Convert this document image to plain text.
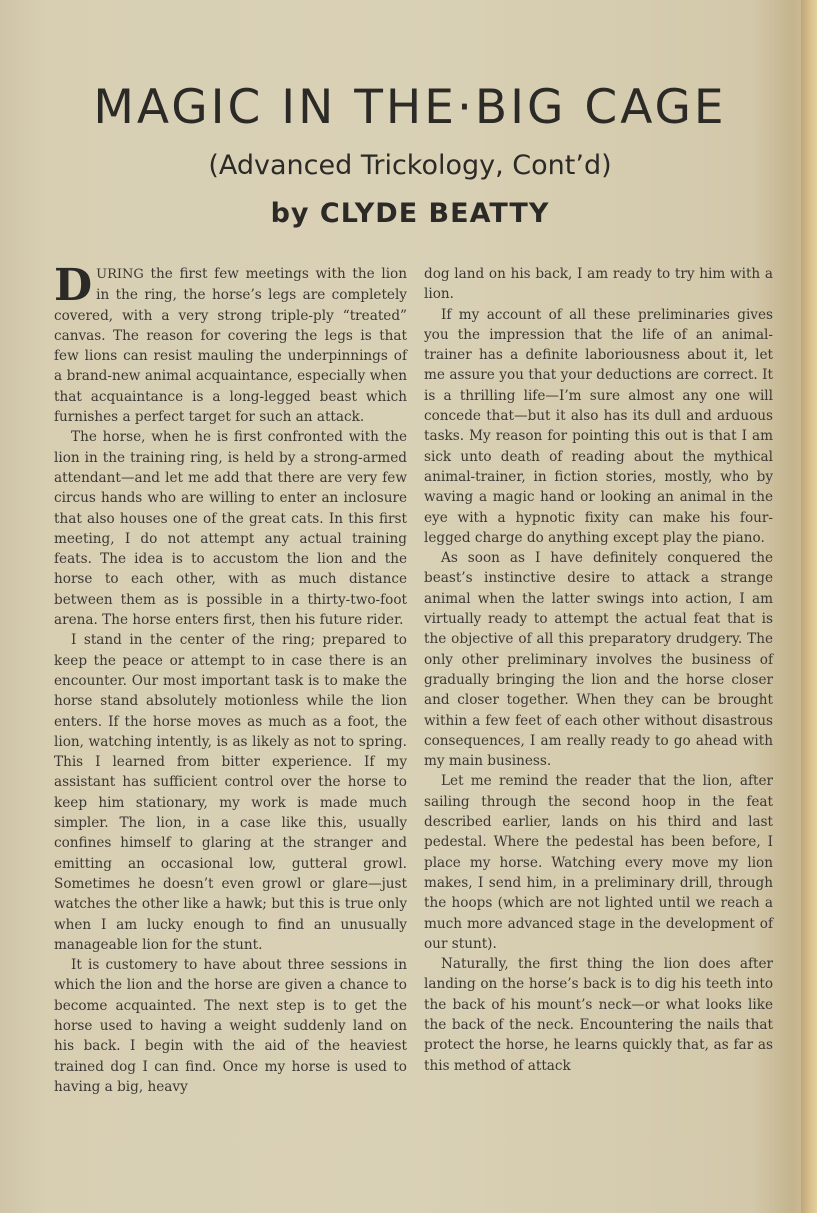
MAGIC IN THE·BIG CAGE
(Advanced Trickology, Cont’d)
by CLYDE BEATTY

DURING the first few meetings with the lion in the ring, the horse’s legs are completely covered, with a very strong triple-ply “treated” canvas. The reason for covering the legs is that few lions can resist mauling the underpinnings of a brand-new animal acquaintance, especially when that acquaintance is a long-legged beast which furnishes a perfect target for such an attack.

The horse, when he is first confronted with the lion in the training ring, is held by a strong-armed attendant—and let me add that there are very few circus hands who are willing to enter an inclosure that also houses one of the great cats. In this first meeting, I do not attempt any actual training feats. The idea is to accustom the lion and the horse to each other, with as much distance between them as is possible in a thirty-two-foot arena. The horse enters first, then his future rider.

I stand in the center of the ring; prepared to keep the peace or attempt to in case there is an encounter. Our most important task is to make the horse stand absolutely motionless while the lion enters. If the horse moves as much as a foot, the lion, watching intently, is as likely as not to spring. This I learned from bitter experience. If my assistant has sufficient control over the horse to keep him stationary, my work is made much simpler. The lion, in a case like this, usually confines himself to glaring at the stranger and emitting an occasional low, gutteral growl. Sometimes he doesn’t even growl or glare—just watches the other like a hawk; but this is true only when I am lucky enough to find an unusually manageable lion for the stunt.

It is customery to have about three sessions in which the lion and the horse are given a chance to become acquainted. The next step is to get the horse used to having a weight suddenly land on his back. I begin with the aid of the heaviest trained dog I can find. Once my horse is used to having a big, heavy

dog land on his back, I am ready to try him with a lion.

If my account of all these preliminaries gives you the impression that the life of an animal-trainer has a definite laboriousness about it, let me assure you that your deductions are correct. It is a thrilling life—I’m sure almost any one will concede that—but it also has its dull and arduous tasks. My reason for pointing this out is that I am sick unto death of reading about the mythical animal-trainer, in fiction stories, mostly, who by waving a magic hand or looking an animal in the eye with a hypnotic fixity can make his four-legged charge do anything except play the piano.

As soon as I have definitely conquered the beast’s instinctive desire to attack a strange animal when the latter swings into action, I am virtually ready to attempt the actual feat that is the objective of all this preparatory drudgery. The only other preliminary involves the business of gradually bringing the lion and the horse closer and closer together. When they can be brought within a few feet of each other without disastrous consequences, I am really ready to go ahead with my main business.

Let me remind the reader that the lion, after sailing through the second hoop in the feat described earlier, lands on his third and last pedestal. Where the pedestal has been before, I place my horse. Watching every move my lion makes, I send him, in a preliminary drill, through the hoops (which are not lighted until we reach a much more advanced stage in the development of our stunt).

Naturally, the first thing the lion does after landing on the horse’s back is to dig his teeth into the back of his mount’s neck—or what looks like the back of the neck. Encountering the nails that protect the horse, he learns quickly that, as far as this method of attack
